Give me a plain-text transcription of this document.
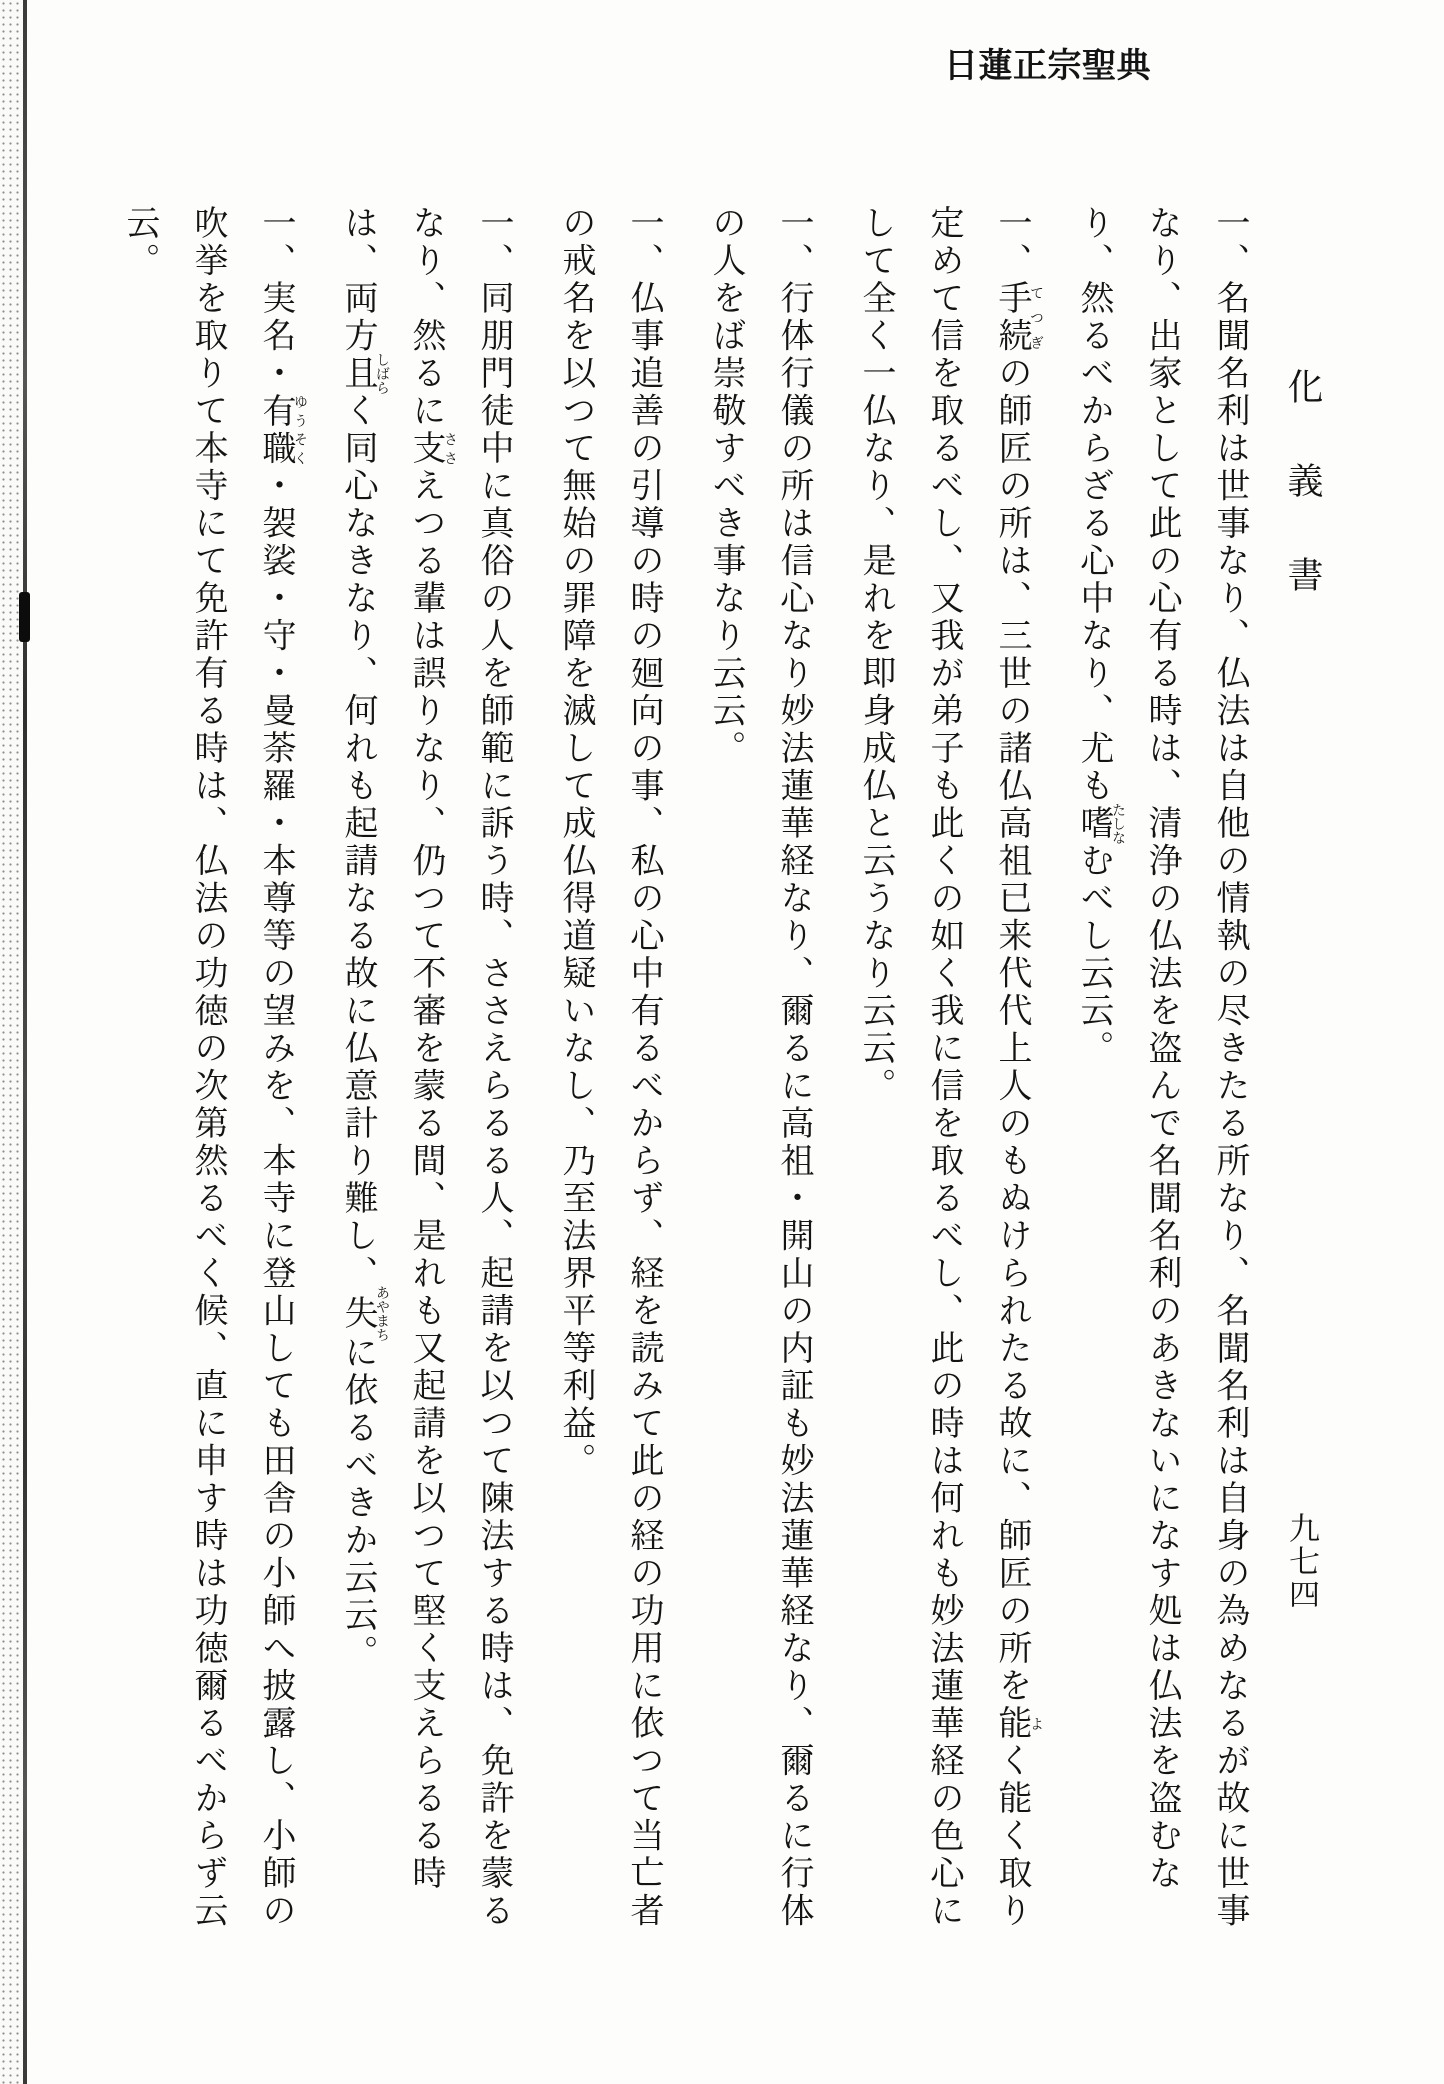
日蓮正宗聖典
化義書
九七四

一、名聞名利は世事なり、仏法は自他の情執の尽きたる所なり、名聞名利は自身の為めなるが故に世事なり、出家として此の心有る時は、清浄の仏法を盗んで名聞名利のあきないになす処は仏法を盗むなり、然るべからざる心中なり、尤も嗜たしなむべし云云。

一、手続てつぎの師匠の所は、三世の諸仏高祖已来代代上人のもぬけられたる故に、師匠の所を能よく能く取り定めて信を取るべし、又我が弟子も此くの如く我に信を取るべし、此の時は何れも妙法蓮華経の色心にして全く一仏なり、是れを即身成仏と云うなり云云。

一、行体行儀の所は信心なり妙法蓮華経なり、爾るに高祖・開山の内証も妙法蓮華経なり、爾るに行体の人をば崇敬すべき事なり云云。

一、仏事追善の引導の時の廻向の事、私の心中有るべからず、経を読みて此の経の功用に依つて当亡者の戒名を以つて無始の罪障を滅して成仏得道疑いなし、乃至法界平等利益。

一、同朋門徒中に真俗の人を師範に訴う時、ささえらるる人、起請を以つて陳法する時は、免許を蒙るなり、然るに支ささえつる輩は誤りなり、仍つて不審を蒙る間、是れも又起請を以つて堅く支えらるる時は、両方且しばらく同心なきなり、何れも起請なる故に仏意計り難し、失あやまちに依るべきか云云。

一、実名・有職ゆうそく・袈裟・守・曼荼羅・本尊等の望みを、本寺に登山しても田舎の小師へ披露し、小師の吹挙を取りて本寺にて免許有る時は、仏法の功徳の次第然るべく候、直に申す時は功徳爾るべからず云云。
